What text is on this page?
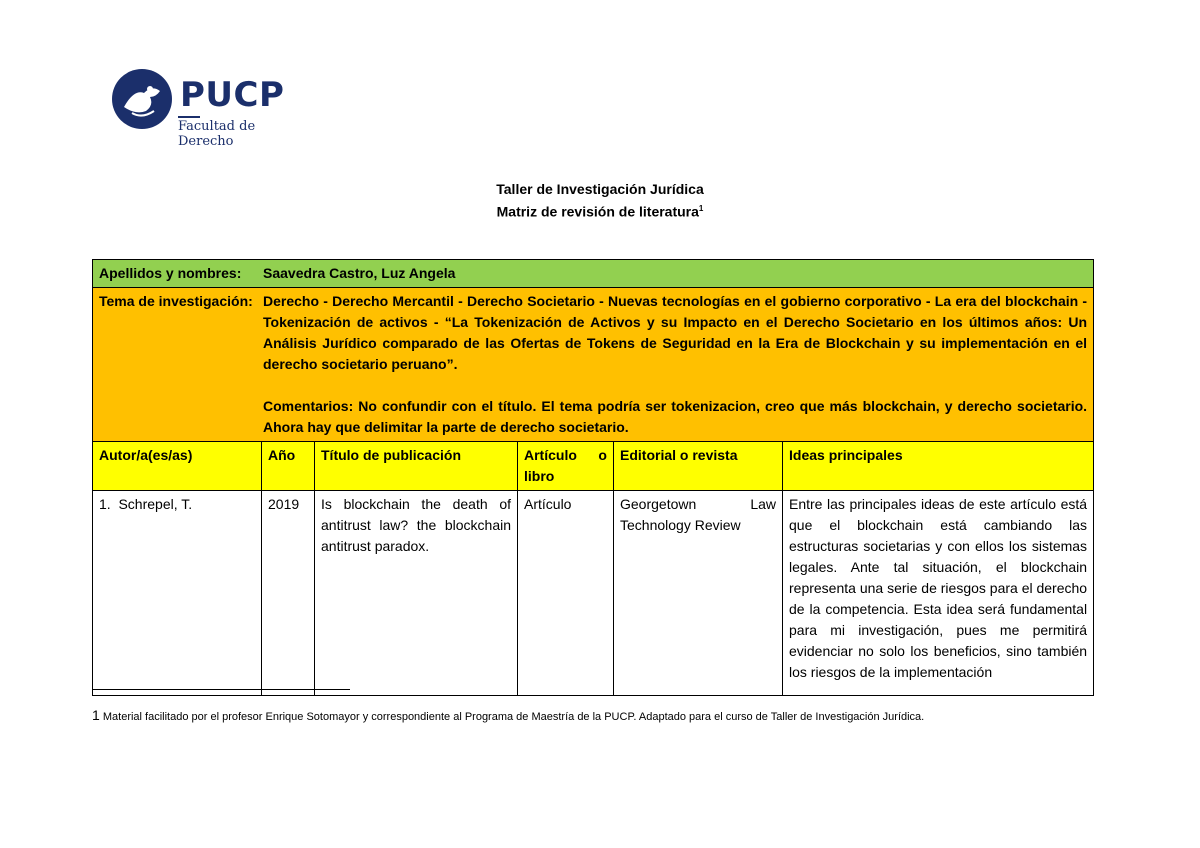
PUCP
Facultad de
Derecho
Taller de Investigación Jurídica
Matriz de revisión de literatura$^1$
Apellidos y nombres: Saavedra Castro, Luz Angela					

Tema de investigación: Derecho - Derecho Mercantil - Derecho Societario - Nuevas tecnologías en el gobierno corporativo - La era del blockchain - Tokenización de activos - “La Tokenización de Activos y su Impacto en el Derecho Societario en los últimos años: Un Análisis Jurídico comparado de las Ofertas de Tokens de Seguridad en la Era de Blockchain y su implementación en el derecho societario peruano”.
Comentarios: No confundir con el título. El tema podría ser tokenizacion, creo que más blockchain, y derecho societario. Ahora hay que delimitar la parte de derecho societario.					

Autor/a(es/as)	Año	Título de publicación	Artículo o libro	Editorial o revista	Ideas principales
1. Schrepel, T.	2019	Is blockchain the death of antitrust law? the blockchain antitrust paradox.	Artículo	Georgetown Law Technology Review	Entre las principales ideas de este artículo está que el blockchain está cambiando las estructuras societarias y con ellos los sistemas legales. Ante tal situación, el blockchain representa una serie de riesgos para el derecho de la competencia. Esta idea será fundamental para mi investigación, pues me permitirá evidenciar no solo los beneficios, sino también los riesgos de la implementación
1 Material facilitado por el profesor Enrique Sotomayor y correspondiente al Programa de Maestría de la PUCP. Adaptado para el curso de Taller de Investigación Jurídica.
